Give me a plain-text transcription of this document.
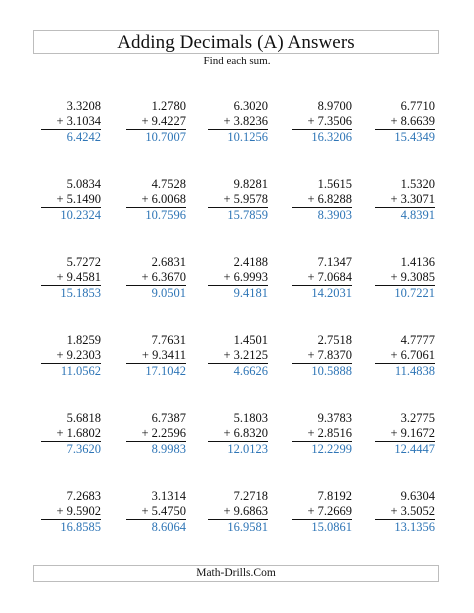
Adding Decimals (A) Answers
Find each sum.
3.3208
+ 3.1034
6.4242
1.2780
+ 9.4227
10.7007
6.3020
+ 3.8236
10.1256
8.9700
+ 7.3506
16.3206
6.7710
+ 8.6639
15.4349
5.0834
+ 5.1490
10.2324
4.7528
+ 6.0068
10.7596
9.8281
+ 5.9578
15.7859
1.5615
+ 6.8288
8.3903
1.5320
+ 3.3071
4.8391
5.7272
+ 9.4581
15.1853
2.6831
+ 6.3670
9.0501
2.4188
+ 6.9993
9.4181
7.1347
+ 7.0684
14.2031
1.4136
+ 9.3085
10.7221
1.8259
+ 9.2303
11.0562
7.7631
+ 9.3411
17.1042
1.4501
+ 3.2125
4.6626
2.7518
+ 7.8370
10.5888
4.7777
+ 6.7061
11.4838
5.6818
+ 1.6802
7.3620
6.7387
+ 2.2596
8.9983
5.1803
+ 6.8320
12.0123
9.3783
+ 2.8516
12.2299
3.2775
+ 9.1672
12.4447
7.2683
+ 9.5902
16.8585
3.1314
+ 5.4750
8.6064
7.2718
+ 9.6863
16.9581
7.8192
+ 7.2669
15.0861
9.6304
+ 3.5052
13.1356
Math-Drills.Com
